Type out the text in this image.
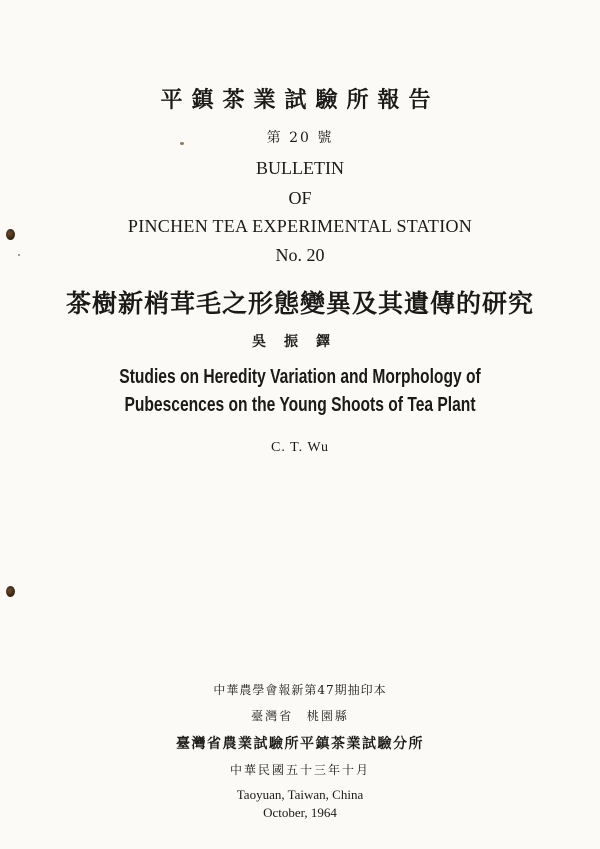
平鎮茶業試驗所報告
第 20 號
BULLETIN
OF
PINCHEN TEA EXPERIMENTAL STATION
No. 20
茶樹新梢茸毛之形態變異及其遺傳的研究
吳振鐸
Studies on Heredity Variation and Morphology of
Pubescences on the Young Shoots of Tea Plant
C. T. Wu
中華農學會報新第47期抽印本
臺灣省 桃園縣
臺灣省農業試驗所平鎮茶業試驗分所
中華民國五十三年十月
Taoyuan, Taiwan, China
October, 1964
